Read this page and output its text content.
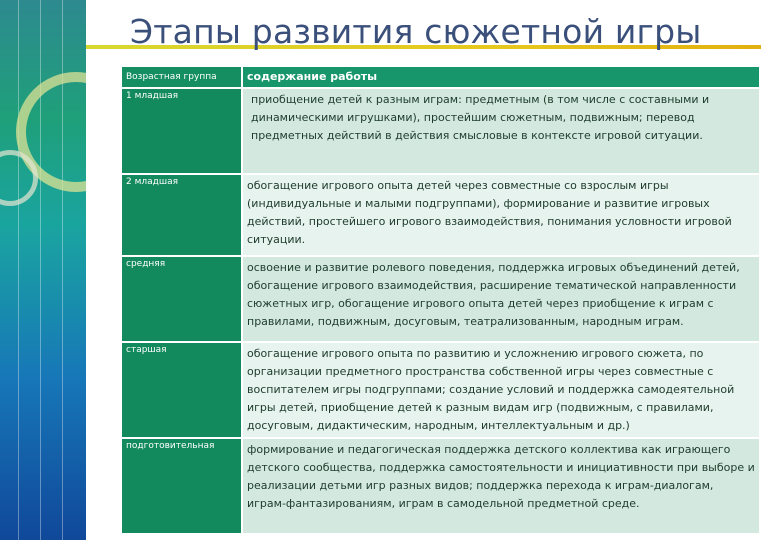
Этапы развития сюжетной игры
Возрастная группа	содержание работы
1 младшая	приобщение детей к разным играм: предметным (в том числе с составными и динамическими игрушками), простейшим сюжетным, подвижным; перевод предметных действий в действия смысловые в контексте игровой ситуации.
2 младшая	обогащение игрового опыта детей через совместные со взрослым игры (индивидуальные и малыми подгруппами), формирование и развитие игровых действий, простейшего игрового взаимодействия, понимания условности игровой ситуации.
средняя	освоение и развитие ролевого поведения, поддержка игровых объединений детей, обогащение игрового взаимодействия, расширение тематической направленности сюжетных игр, обогащение игрового опыта детей через приобщение к играм с правилами, подвижным, досуговым, театрализованным, народным играм.
старшая	обогащение игрового опыта по развитию и усложнению игрового сюжета, по организации предметного пространства собственной игры через совместные с воспитателем игры подгруппами; создание условий и поддержка самодеятельной игры детей, приобщение детей к разным видам игр (подвижным, с правилами, досуговым, дидактическим, народным, интеллектуальным и др.)
подготовительная	формирование и педагогическая поддержка детского коллектива как играющего детского сообщества, поддержка самостоятельности и инициативности при выборе и реализации детьми игр разных видов; поддержка перехода к играм-диалогам, играм-фантазированиям, играм в самодельной предметной среде.
